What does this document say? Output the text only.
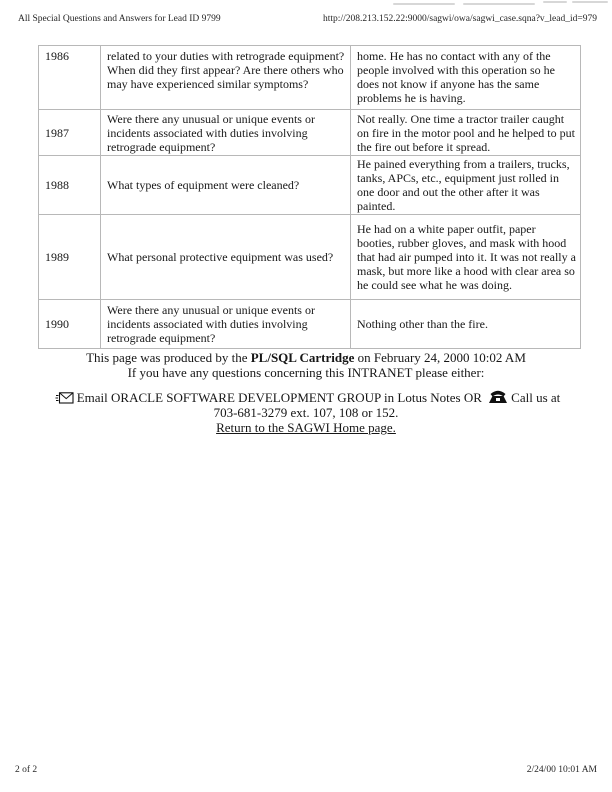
All Special Questions and Answers for Lead ID 9799	http://208.213.152.22:9000/sagwi/owa/sagwi_case.sqna?v_lead_id=979
1986	related to your duties with retrograde equipment? When did they first appear? Are there others who may have experienced similar symptoms?	home. He has no contact with any of the people involved with this operation so he does not know if anyone has the same problems he is having.
1987	Were there any unusual or unique events or incidents associated with duties involving retrograde equipment?	Not really. One time a tractor trailer caught on fire in the motor pool and he helped to put the fire out before it spread.
1988	What types of equipment were cleaned?	He pained everything from a trailers, trucks, tanks, APCs, etc., equipment just rolled in one door and out the other after it was painted.
1989	What personal protective equipment was used?	He had on a white paper outfit, paper booties, rubber gloves, and mask with hood that had air pumped into it. It was not really a mask, but more like a hood with clear area so he could see what he was doing.
1990	Were there any unusual or unique events or incidents associated with duties involving retrograde equipment?	Nothing other than the fire.
This page was produced by the PL/SQL Cartridge on February 24, 2000 10:02 AM
If you have any questions concerning this INTRANET please either:
Email ORACLE SOFTWARE DEVELOPMENT GROUP in Lotus Notes OR Call us at
703-681-3279 ext. 107, 108 or 152.
Return to the SAGWI Home page.
2 of 2	2/24/00 10:01 AM
